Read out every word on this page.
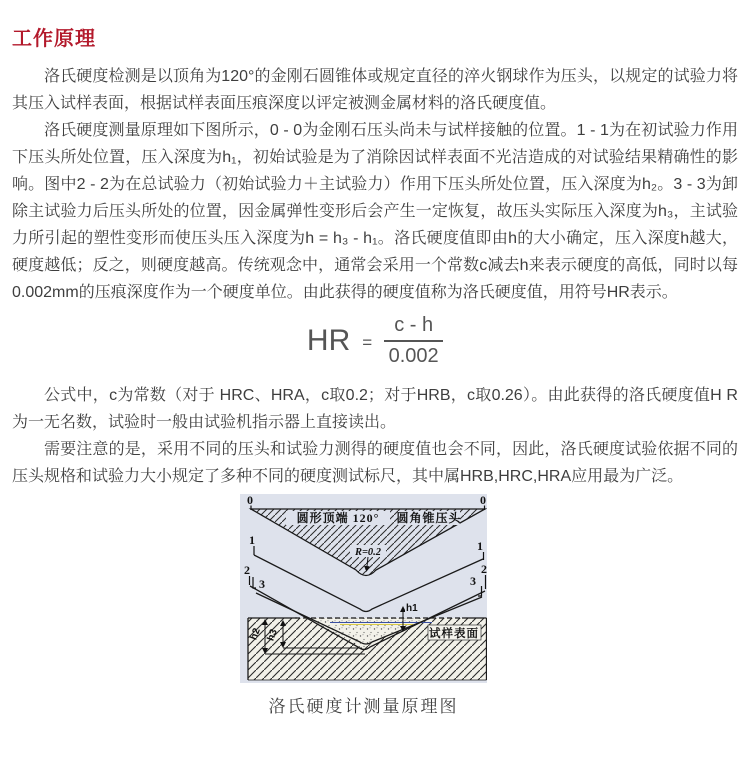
工作原理

洛氏硬度检测是以顶角为120°的金刚石圆锥体或规定直径的淬火钢球作为压头，以规定的试验力将其压入试样表面，根据试样表面压痕深度以评定被测金属材料的洛氏硬度值。

洛氏硬度测量原理如下图所示，0 - 0为金刚石压头尚未与试样接触的位置。1 - 1为在初试验力作用下压头所处位置，压入深度为h₁，初始试验是为了消除因试样表面不光洁造成的对试验结果精确性的影响。图中2 - 2为在总试验力（初始试验力＋主试验力）作用下压头所处位置，压入深度为h₂。3 - 3为卸除主试验力后压头所处的位置，因金属弹性变形后会产生一定恢复，故压头实际压入深度为h₃，主试验力所引起的塑性变形而使压头压入深度为h = h₃ - h₁。洛氏硬度值即由h的大小确定，压入深度h越大，硬度越低；反之，则硬度越高。传统观念中，通常会采用一个常数c减去h来表示硬度的高低，同时以每0.002mm的压痕深度作为一个硬度单位。由此获得的硬度值称为洛氏硬度值，用符号HR表示。

HR = $\frac{c - h}{0.002}$

公式中，c为常数（对于 HRC、HRA，c取0.2；对于HRB，c取0.26）。由此获得的洛氏硬度值H R为一无名数，试验时一般由试验机指示器上直接读出。

需要注意的是，采用不同的压头和试验力测得的硬度值也会不同，因此，洛氏硬度试验依据不同的压头规格和试验力大小规定了多种不同的硬度测试标尺，其中属HRB,HRC,HRA应用最为广泛。

圆形顶端 120° 圆角锥压头
R=0.2
h1
h2 h3	试样表面
0	0
1	1
2	2
3	3
洛氏硬度计测量原理图
